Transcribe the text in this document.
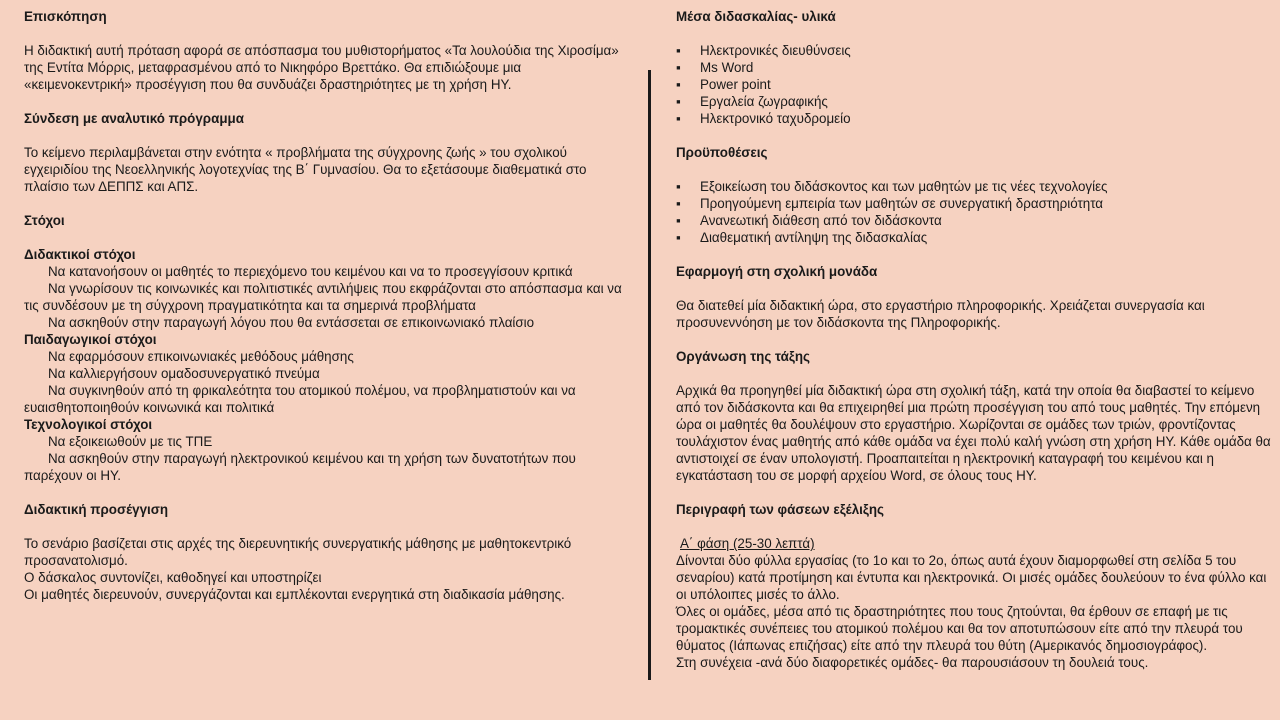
Επισκόπηση

Η διδακτική αυτή πρόταση αφορά σε απόσπασμα του μυθιστορήματος «Τα λουλούδια της Χιροσίμα» της Εντίτα Μόρρις, μεταφρασμένου από το Νικηφόρο Βρεττάκο. Θα επιδιώξουμε μια «κειμενοκεντρική» προσέγγιση που θα συνδυάζει δραστηριότητες με τη χρήση ΗΥ.

Σύνδεση με αναλυτικό πρόγραμμα

Το κείμενο περιλαμβάνεται στην ενότητα « προβλήματα της σύγχρονης ζωής » του σχολικού εγχειριδίου της Νεοελληνικής λογοτεχνίας της Β΄ Γυμνασίου. Θα το εξετάσουμε διαθεματικά στο πλαίσιο των ΔΕΠΠΣ και ΑΠΣ.

Στόχοι

Διδακτικοί στόχοι

Να κατανοήσουν οι μαθητές το περιεχόμενο του κειμένου και να το προσεγγίσουν κριτικά

Να γνωρίσουν τις κοινωνικές και πολιτιστικές αντιλήψεις που εκφράζονται στο απόσπασμα και να τις συνδέσουν με τη σύγχρονη πραγματικότητα και τα σημερινά προβλήματα

Να ασκηθούν στην παραγωγή λόγου που θα εντάσσεται σε επικοινωνιακό πλαίσιο

Παιδαγωγικοί στόχοι

Να εφαρμόσουν επικοινωνιακές μεθόδους μάθησης

Να καλλιεργήσουν ομαδοσυνεργατικό πνεύμα

Να συγκινηθούν από τη φρικαλεότητα του ατομικού πολέμου, να προβληματιστούν και να ευαισθητοποιηθούν κοινωνικά και πολιτικά

Τεχνολογικοί στόχοι

Να εξοικειωθούν με τις ΤΠΕ

Να ασκηθούν στην παραγωγή ηλεκτρονικού κειμένου και τη χρήση των δυνατοτήτων που παρέχουν οι ΗΥ.

Διδακτική προσέγγιση

Το σενάριο βασίζεται στις αρχές της διερευνητικής συνεργατικής μάθησης με μαθητοκεντρικό προσανατολισμό.

Ο δάσκαλος συντονίζει, καθοδηγεί και υποστηρίζει

Οι μαθητές διερευνούν, συνεργάζονται και εμπλέκονται ενεργητικά στη διαδικασία μάθησης.

Μέσα διδασκαλίας- υλικά

▪ Ηλεκτρονικές διευθύνσεις
▪ Ms Word
▪ Power point
▪ Εργαλεία ζωγραφικής
▪ Ηλεκτρονικό ταχυδρομείο

Προϋποθέσεις

▪ Εξοικείωση του διδάσκοντος και των μαθητών με τις νέες τεχνολογίες
▪ Προηγούμενη εμπειρία των μαθητών σε συνεργατική δραστηριότητα
▪ Ανανεωτική διάθεση από τον διδάσκοντα
▪ Διαθεματική αντίληψη της διδασκαλίας

Εφαρμογή στη σχολική μονάδα

Θα διατεθεί μία διδακτική ώρα, στο εργαστήριο πληροφορικής. Χρειάζεται συνεργασία και προσυνεννόηση με τον διδάσκοντα της Πληροφορικής.

Οργάνωση της τάξης

Αρχικά θα προηγηθεί μία διδακτική ώρα στη σχολική τάξη, κατά την οποία θα διαβαστεί το κείμενο από τον διδάσκοντα και θα επιχειρηθεί μια πρώτη προσέγγιση του από τους μαθητές. Την επόμενη ώρα οι μαθητές θα δουλέψουν στο εργαστήριο. Χωρίζονται σε ομάδες των τριών, φροντίζοντας τουλάχιστον ένας μαθητής από κάθε ομάδα να έχει πολύ καλή γνώση στη χρήση ΗΥ. Κάθε ομάδα θα αντιστοιχεί σε έναν υπολογιστή. Προαπαιτείται η ηλεκτρονική καταγραφή του κειμένου και η εγκατάσταση του σε μορφή αρχείου Word, σε όλους τους ΗΥ.

Περιγραφή των φάσεων εξέλιξης

Α΄ φάση (25-30 λεπτά)

Δίνονται δύο φύλλα εργασίας (το 1ο και το 2ο, όπως αυτά έχουν διαμορφωθεί στη σελίδα 5 του σεναρίου) κατά προτίμηση και έντυπα και ηλεκτρονικά. Οι μισές ομάδες δουλεύουν το ένα φύλλο και οι υπόλοιπες μισές το άλλο.

Όλες οι ομάδες, μέσα από τις δραστηριότητες που τους ζητούνται, θα έρθουν σε επαφή με τις τρομακτικές συνέπειες του ατομικού πολέμου και θα τον αποτυπώσουν είτε από την πλευρά του θύματος (Ιάπωνας επιζήσας) είτε από την πλευρά του θύτη (Αμερικανός δημοσιογράφος).

Στη συνέχεια -ανά δύο διαφορετικές ομάδες- θα παρουσιάσουν τη δουλειά τους.
